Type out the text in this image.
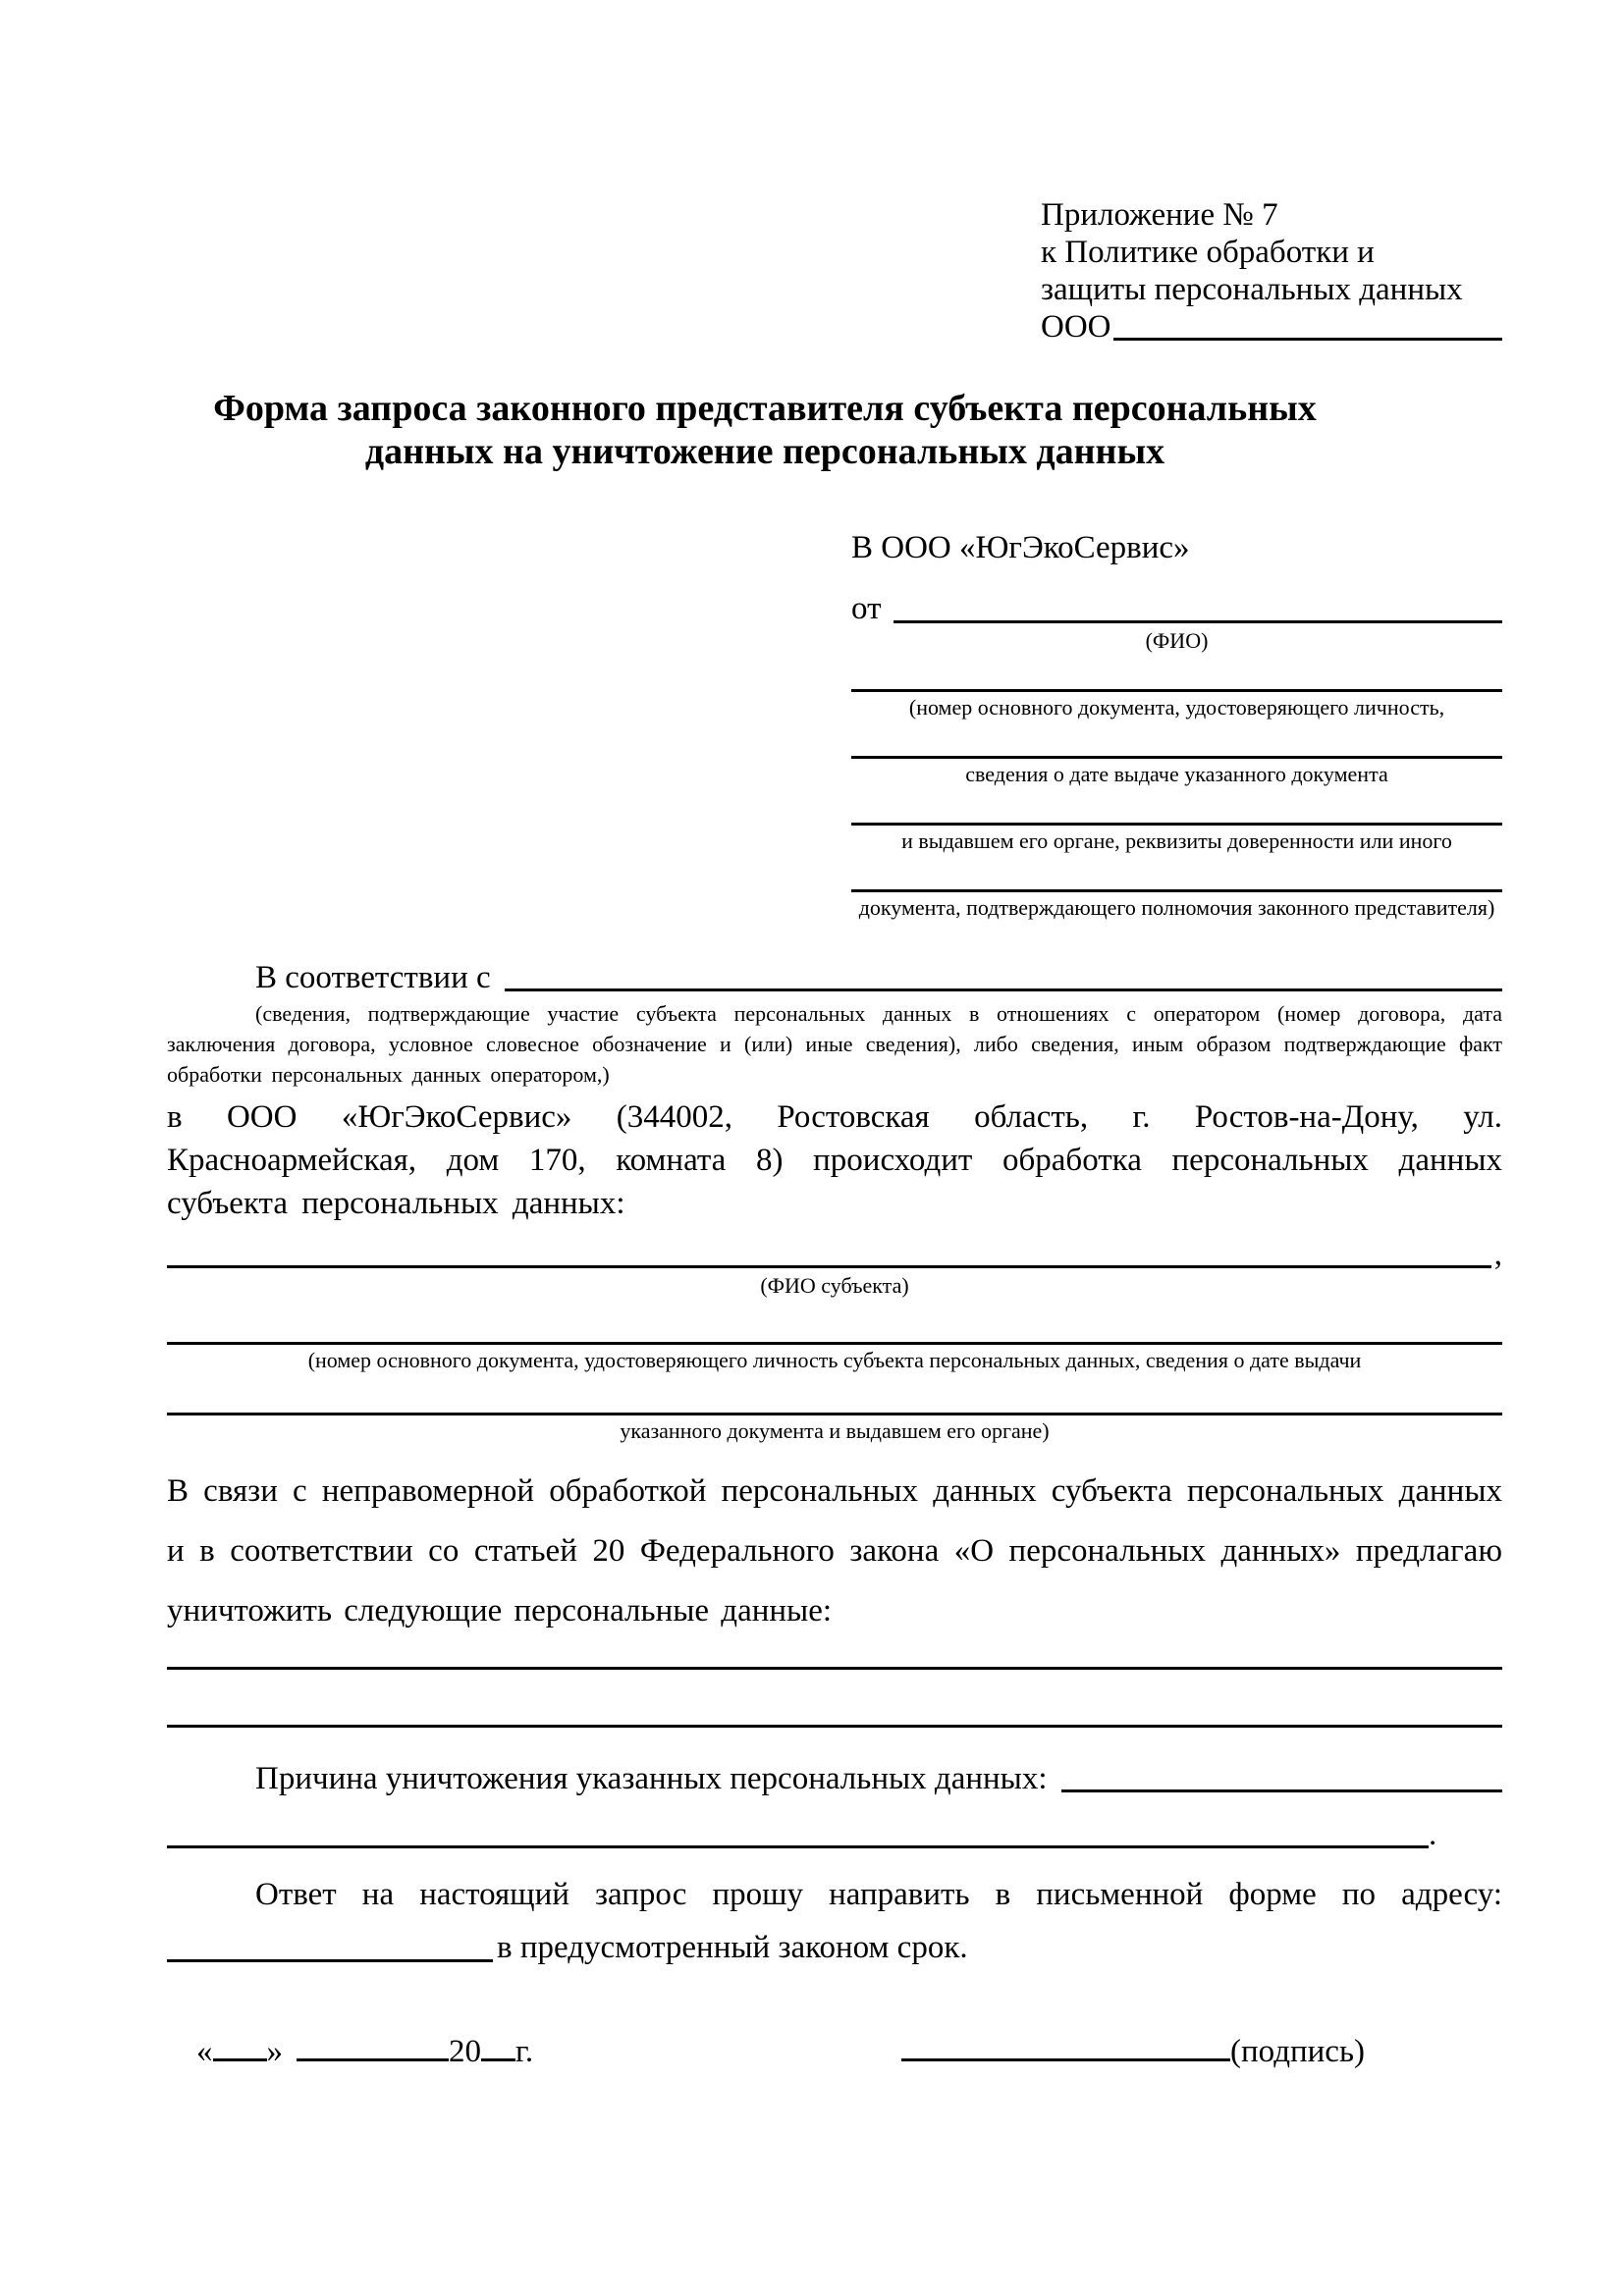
Приложение № 7
к Политике обработки и
защиты персональных данных
ООО
Форма запроса законного представителя субъекта персональных
данных на уничтожение персональных данных
В ООО «ЮгЭкоСервис»
от
(ФИО)
(номер основного документа, удостоверяющего личность,
сведения о дате выдаче указанного документа
и выдавшем его органе, реквизиты доверенности или иного
документа, подтверждающего полномочия законного представителя)
В соответствии с
(сведения, подтверждающие участие субъекта персональных данных в отношениях с оператором (номер договора, дата заключения договора, условное словесное обозначение и (или) иные сведения), либо сведения, иным образом подтверждающие факт обработки персональных данных оператором,)
в ООО «ЮгЭкоСервис» (344002, Ростовская область, г. Ростов-на-Дону, ул. Красноармейская, дом 170, комната 8) происходит обработка персональных данных субъекта персональных данных:
,
(ФИО субъекта)
(номер основного документа, удостоверяющего личность субъекта персональных данных, сведения о дате выдачи
указанного документа и выдавшем его органе)
В связи с неправомерной обработкой персональных данных субъекта персональных данных и в соответствии со статьей 20 Федерального закона «О персональных данных» предлагаю уничтожить следующие персональные данные:
Причина уничтожения указанных персональных данных:
.
Ответ на настоящий запрос прошу направить в письменной форме по адресу:
в предусмотренный законом срок.
« »	20 г.	(подпись)
